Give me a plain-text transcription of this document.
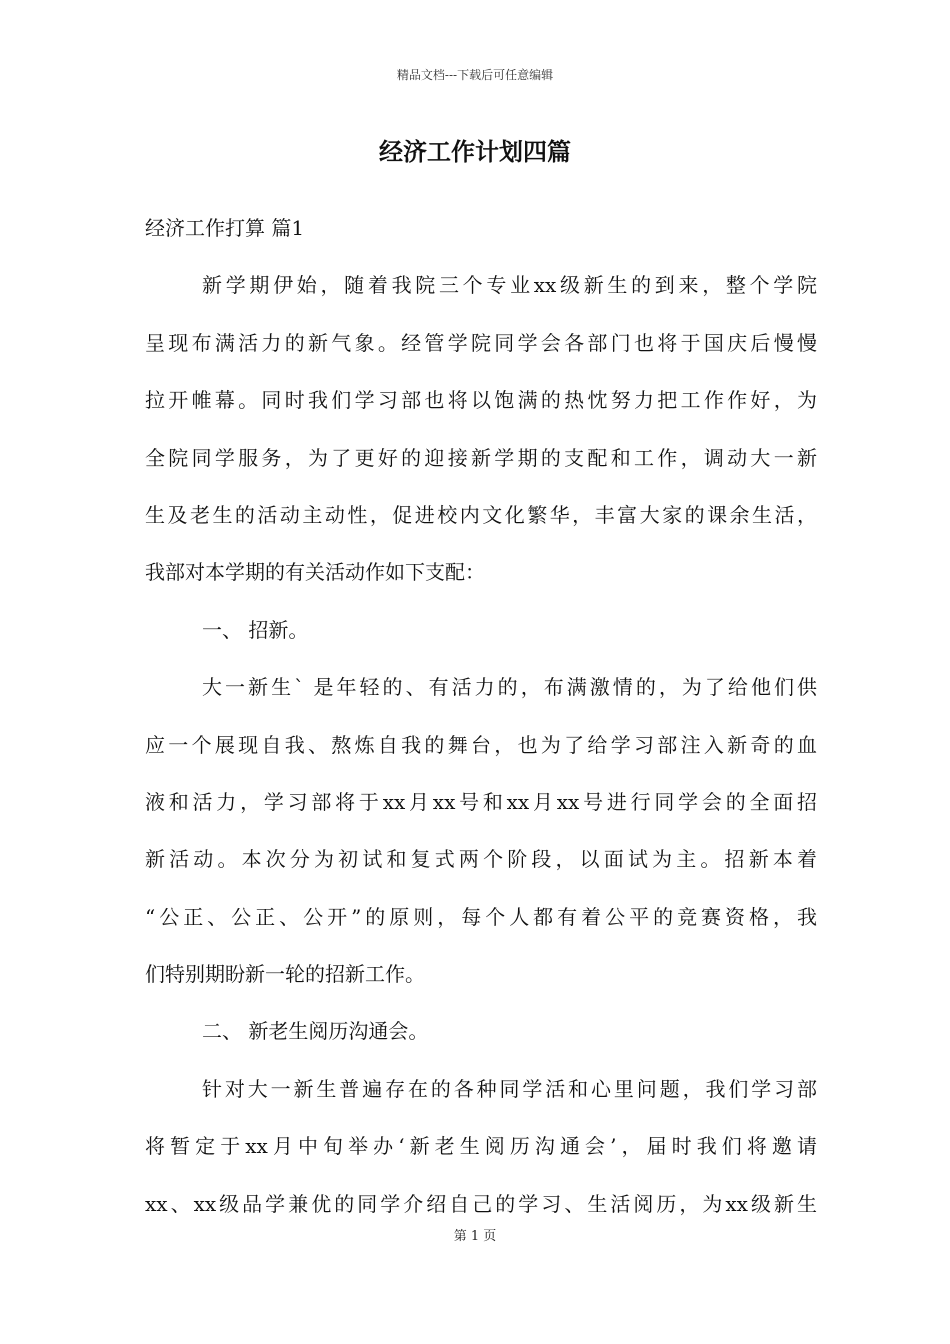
精品文档---下载后可任意编辑
经济工作计划四篇
经济工作打算 篇1
新学期伊始，随着我院三个专业xx级新生的到来，整个学院
呈现布满活力的新气象。经管学院同学会各部门也将于国庆后慢慢
拉开帷幕。同时我们学习部也将以饱满的热忱努力把工作作好，为
全院同学服务，为了更好的迎接新学期的支配和工作，调动大一新
生及老生的活动主动性，促进校内文化繁华，丰富大家的课余生活，
我部对本学期的有关活动作如下支配：
一、 招新。
大一新生` 是年轻的、有活力的，布满激情的，为了给他们供
应一个展现自我、熬炼自我的舞台，也为了给学习部注入新奇的血
液和活力，学习部将于xx月xx号和xx月xx号进行同学会的全面招
新活动。本次分为初试和复式两个阶段，以面试为主。招新本着
“公正、公正、公开”的原则，每个人都有着公平的竞赛资格，我
们特别期盼新一轮的招新工作。
二、 新老生阅历沟通会。
针对大一新生普遍存在的各种同学活和心里问题，我们学习部
将暂定于xx月中旬举办‘新老生阅历沟通会’，届时我们将邀请
xx、xx级品学兼优的同学介绍自己的学习、生活阅历，为xx级新生
第 1 页
